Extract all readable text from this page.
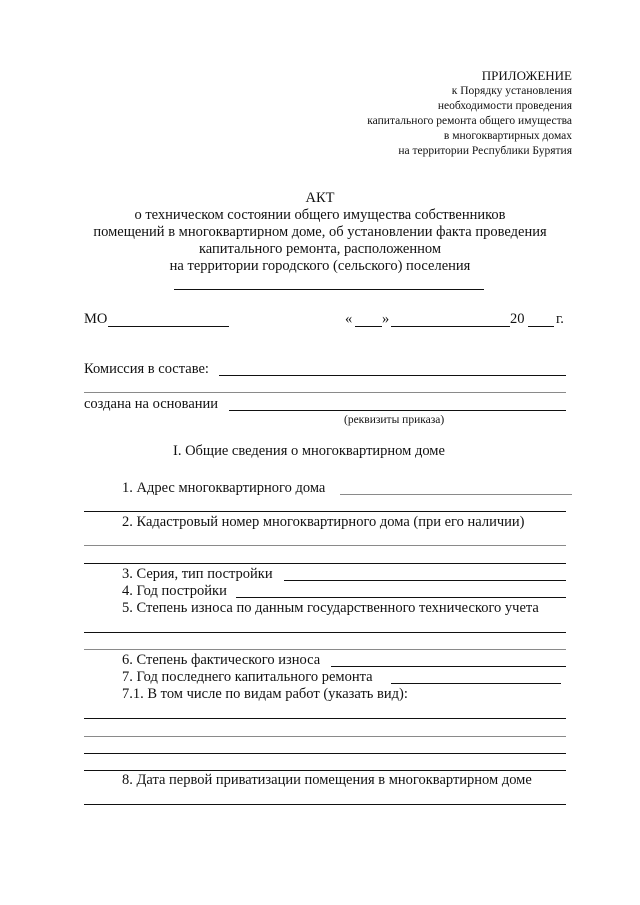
ПРИЛОЖЕНИЕ
к Порядку установления
необходимости проведения
капитального ремонта общего имущества
в многоквартирных домах
на территории Республики Бурятия
АКТ
о техническом состоянии общего имущества собственников
помещений в многоквартирном доме, об установлении факта проведения
капитального ремонта, расположенном
на территории городского (сельского) поселения
МО	« »	20 г.
Комиссия в составе:
создана на основании
(реквизиты приказа)
I. Общие сведения о многоквартирном доме
1. Адрес многоквартирного дома
2. Кадастровый номер многоквартирного дома (при его наличии)
3. Серия, тип постройки
4. Год постройки
5. Степень износа по данным государственного технического учета
6. Степень фактического износа
7. Год последнего капитального ремонта
7.1. В том числе по видам работ (указать вид):
8. Дата первой приватизации помещения в многоквартирном доме
